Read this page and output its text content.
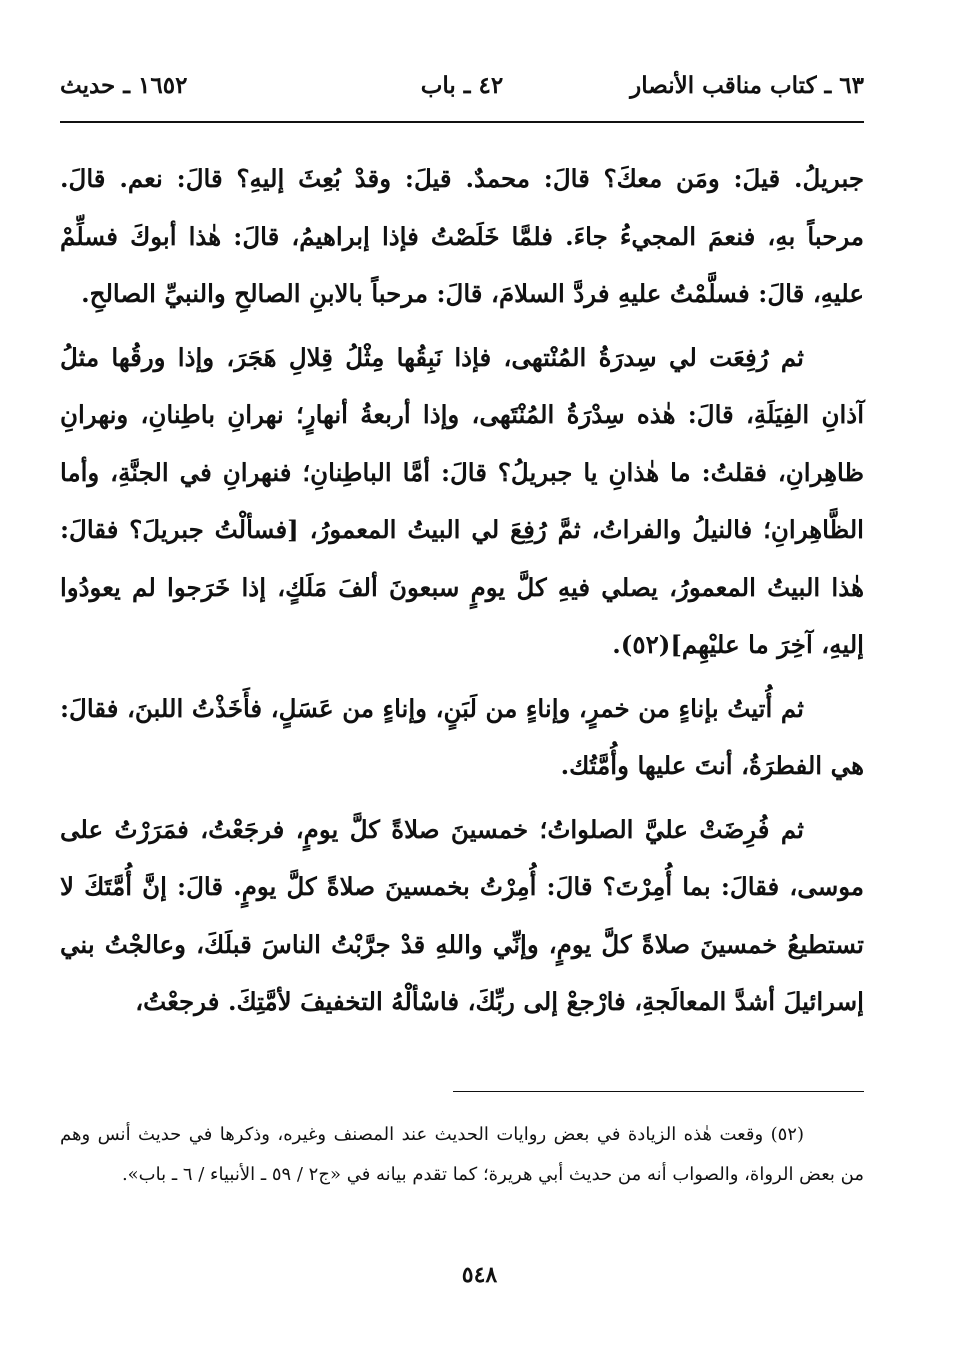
٦٣ ـ كتاب مناقب الأنصار
٤٢ ـ باب
١٦٥٢ ـ حديث

جبريلُ. قيلَ: ومَن معكَ؟ قالَ: محمدٌ. قيلَ: وقدْ بُعِثَ إليهِ؟ قالَ: نعم. قالَ. مرحباً بهِ، فنعمَ المجيءُ جاءَ. فلمَّا خَلَصْتُ فإذا إبراهيمُ، قالَ: هٰذا أبوكَ فسلِّمْ عليهِ، قالَ: فسلَّمْتُ عليهِ فردَّ السلامَ، قالَ: مرحباً بالابنِ الصالحِ والنبيِّ الصالحِ.

ثم رُفِعَت لي سِدرَةُ المُنْتهى، فإذا نَبِقُها مِثْلُ قِلالِ هَجَرَ، وإذا ورقُها مثلُ آذانِ الفِيَلَةِ، قالَ: هٰذه سِدْرَةُ المُنْتَهى، وإذا أربعةُ أنهارٍ؛ نهرانِ باطِنانِ، ونهرانِ ظاهِرانِ، فقلتُ: ما هٰذانِ يا جبريلُ؟ قالَ: أمَّا الباطِنانِ؛ فنهرانِ في الجنَّةِ، وأما الظَّاهِرانِ؛ فالنيلُ والفراتُ، ثمَّ رُفِعَ لي البيتُ المعمورُ، [فسألْتُ جبريلَ؟ فقالَ: هٰذا البيتُ المعمورُ، يصلي فيهِ كلَّ يومٍ سبعونَ ألفَ مَلَكٍ، إذا خَرَجوا لم يعودُوا إليهِ، آخِرَ ما عليْهِم](٥٢).

ثم أُتيتُ بإناءٍ من خمرٍ، وإناءٍ من لَبَنٍ، وإناءٍ من عَسَلٍ، فأَخَذْتُ اللبنَ، فقالَ: هي الفطرَةُ، أنتَ عليها وأُمَّتُك.

ثم فُرِضَتْ عليَّ الصلواتُ؛ خمسينَ صلاةً كلَّ يومٍ، فرجَعْتُ، فمَرَرْتُ على موسى، فقالَ: بما أُمِرْتَ؟ قالَ: أُمِرْتُ بخمسينَ صلاةً كلَّ يومٍ. قالَ: إنَّ أُمَّتَكَ لا تستطيعُ خمسينَ صلاةً كلَّ يومٍ، وإنِّي واللهِ قدْ جرَّبْتُ الناسَ قبلَكَ، وعالجْتُ بني إسرائيلَ أشدَّ المعالَجةِ، فارْجعْ إلى ربِّكَ، فاسْألْهُ التخفيفَ لأمَّتِكَ. فرجعْتُ،

(٥٢) وقعت هٰذه الزيادة في بعض روايات الحديث عند المصنف وغيره، وذكرها في حديث أنس وهم من بعض الرواة، والصواب أنه من حديث أبي هريرة؛ كما تقدم بيانه في «ج٢ / ٥٩ ـ الأنبياء / ٦ ـ باب».

٥٤٨
